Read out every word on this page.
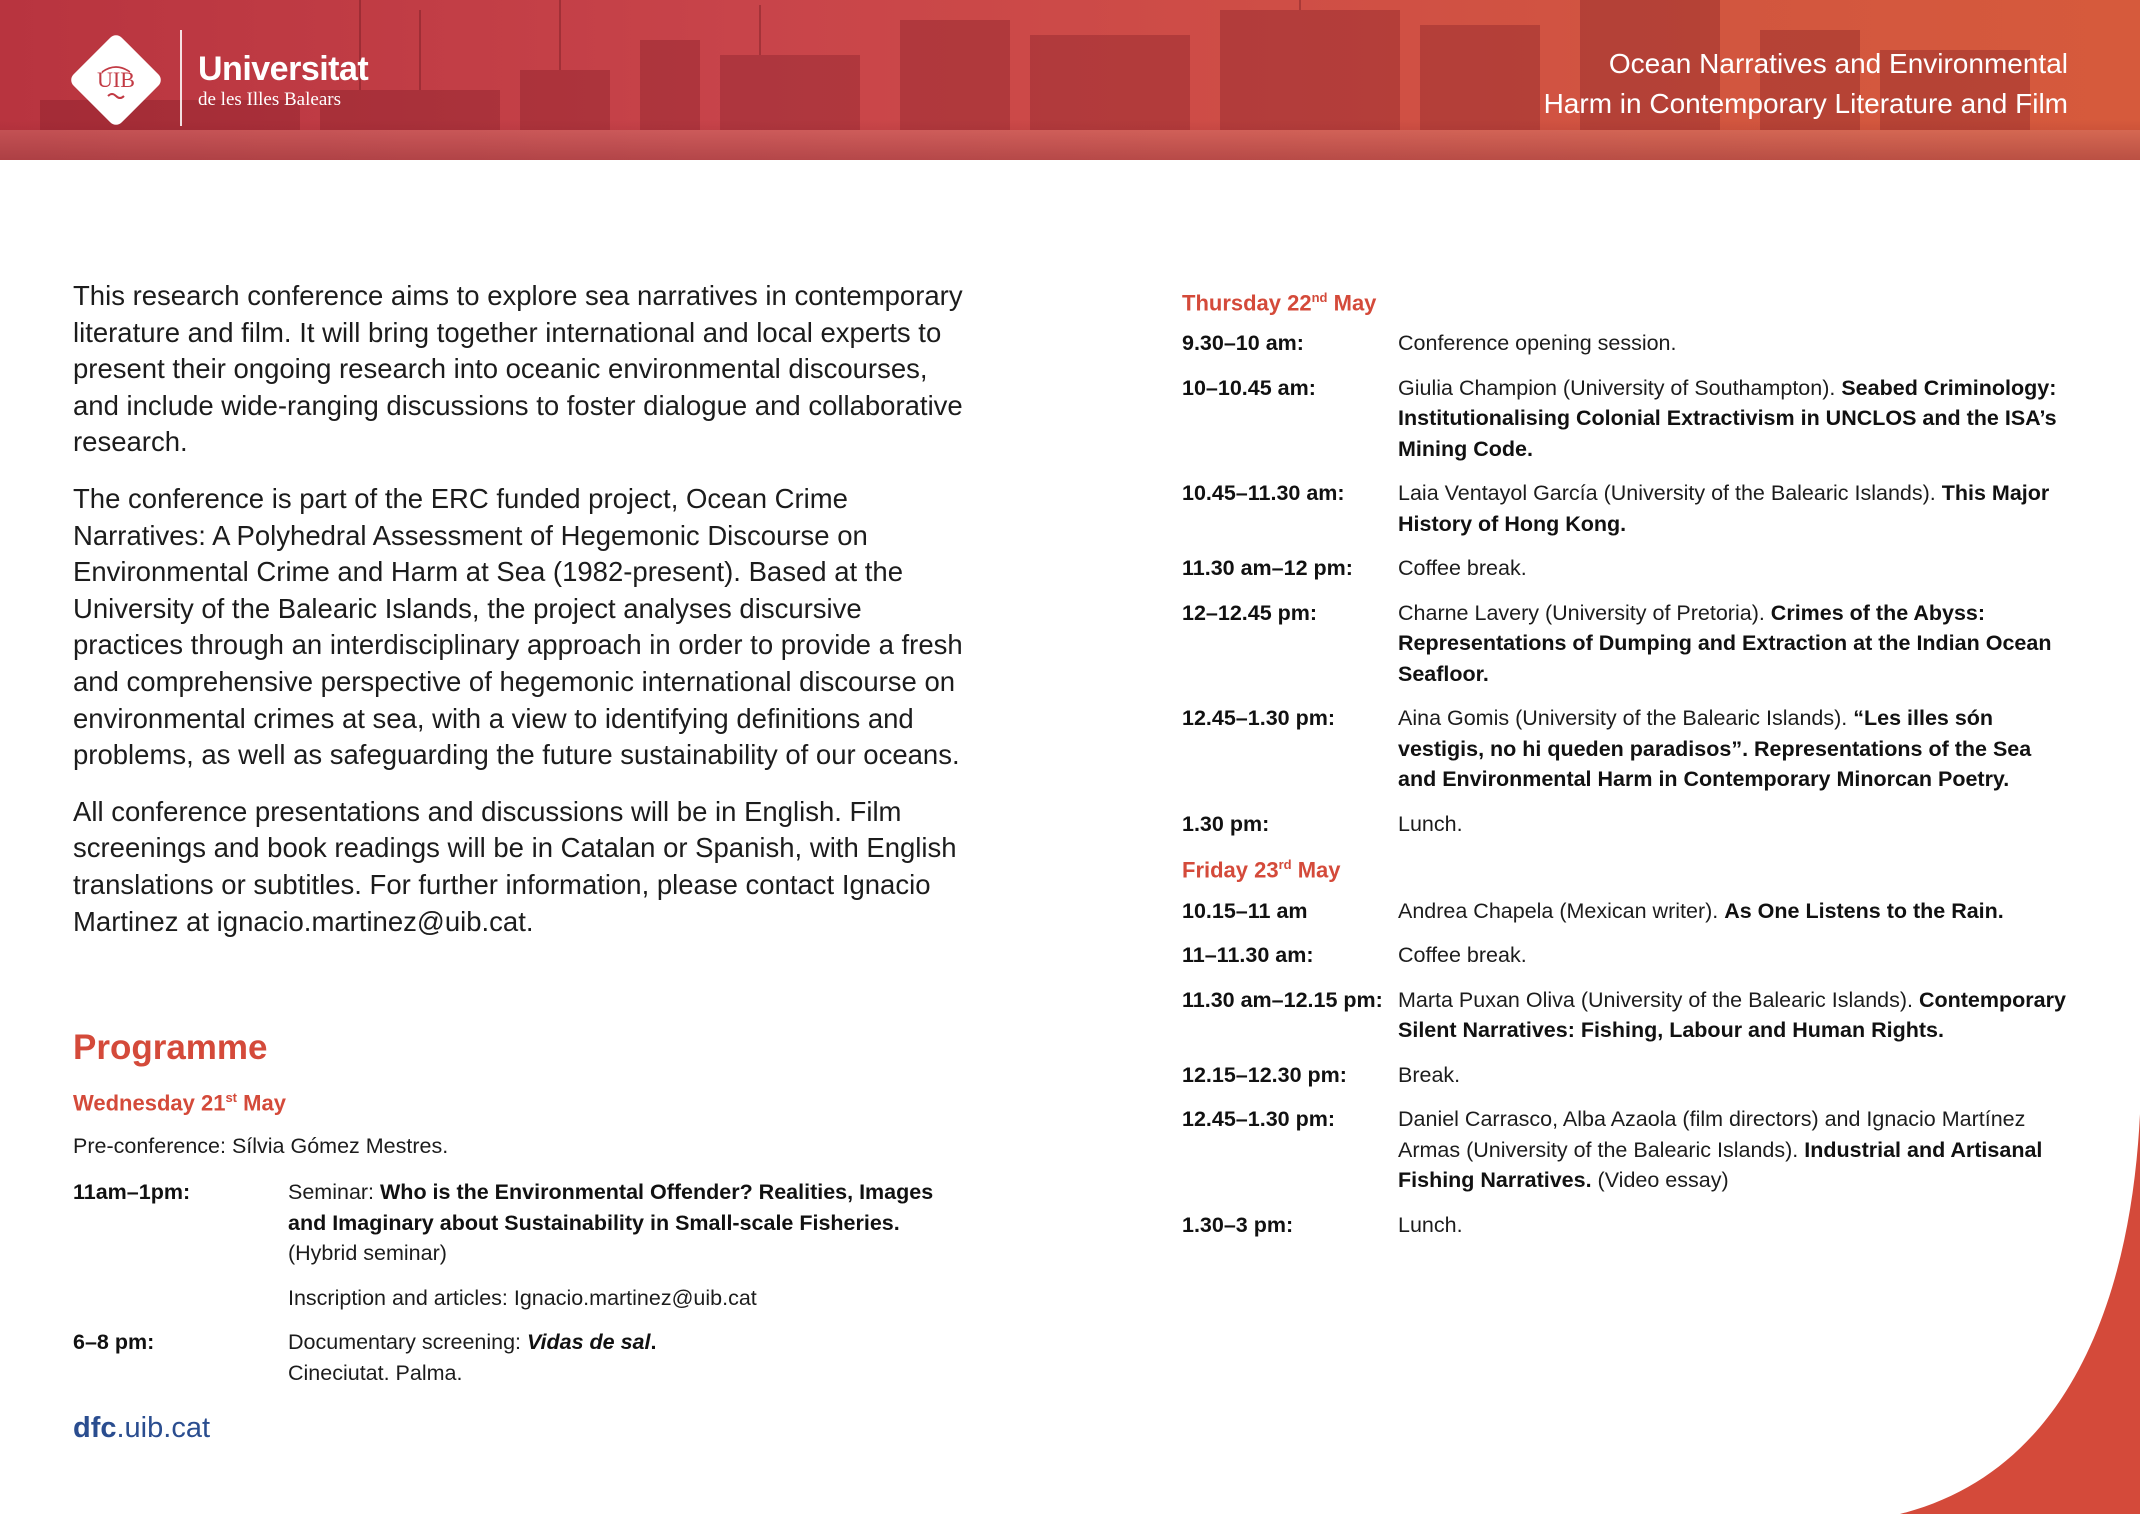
UIB Universitat
de les Illes Balears
Ocean Narratives and Environmental
Harm in Contemporary Literature and Film

This research conference aims to explore sea narratives in contemporary literature and film. It will bring together international and local experts to present their ongoing research into oceanic environmental discourses, and include wide-ranging discussions to foster dialogue and collaborative research.

The conference is part of the ERC funded project, Ocean Crime Narratives: A Polyhedral Assessment of Hegemonic Discourse on Environmental Crime and Harm at Sea (1982-present). Based at the University of the Balearic Islands, the project analyses discursive practices through an interdisciplinary approach in order to provide a fresh and comprehensive perspective of hegemonic international discourse on environmental crimes at sea, with a view to identifying definitions and problems, as well as safeguarding the future sustainability of our oceans.

All conference presentations and discussions will be in English. Film screenings and book readings will be in Catalan or Spanish, with English translations or subtitles. For further information, please contact Ignacio Martinez at ignacio.martinez@uib.cat.

Programme
Wednesday 21st May
Pre-conference: Sílvia Gómez Mestres.
11am–1pm:	Seminar: Who is the Environmental Offender? Realities, Images and Imaginary about Sustainability in Small-scale Fisheries. (Hybrid seminar)
Inscription and articles: Ignacio.martinez@uib.cat
6–8 pm:	Documentary screening: Vidas de sal.
Cineciutat. Palma.
dfc.uib.cat
Thursday 22nd May
9.30–10 am:	Conference opening session.
10–10.45 am:	Giulia Champion (University of Southampton). Seabed Criminology: Institutionalising Colonial Extractivism in UNCLOS and the ISA’s Mining Code.
10.45–11.30 am:	Laia Ventayol García (University of the Balearic Islands). This Major History of Hong Kong.
11.30 am–12 pm:	Coffee break.
12–12.45 pm:	Charne Lavery (University of Pretoria). Crimes of the Abyss: Representations of Dumping and Extraction at the Indian Ocean Seafloor.
12.45–1.30 pm:	Aina Gomis (University of the Balearic Islands). “Les illes són vestigis, no hi queden paradisos”. Representations of the Sea and Environmental Harm in Contemporary Minorcan Poetry.
1.30 pm:	Lunch.
Friday 23rd May
10.15–11 am	Andrea Chapela (Mexican writer). As One Listens to the Rain.
11–11.30 am:	Coffee break.
11.30 am–12.15 pm: Marta Puxan Oliva (University of the Balearic Islands). Contemporary Silent Narratives: Fishing, Labour and Human Rights.
12.15–12.30 pm:	Break.
12.45–1.30 pm:	Daniel Carrasco, Alba Azaola (film directors) and Ignacio Martínez Armas (University of the Balearic Islands). Industrial and Artisanal Fishing Narratives. (Video essay)
1.30–3 pm:	Lunch.
